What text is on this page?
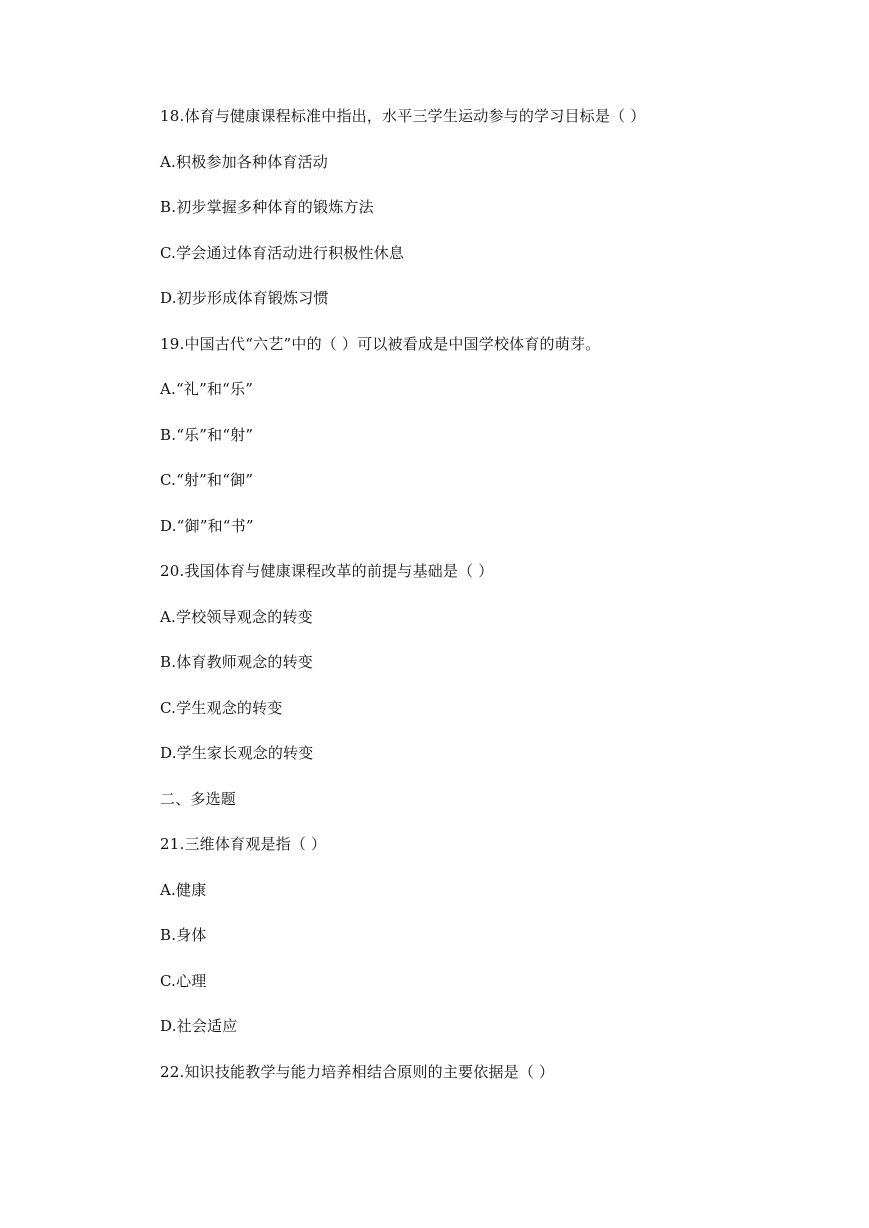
18.体育与健康课程标准中指出，水平三学生运动参与的学习目标是（ ）
A.积极参加各种体育活动
B.初步掌握多种体育的锻炼方法
C.学会通过体育活动进行积极性休息
D.初步形成体育锻炼习惯
19.中国古代“六艺”中的（ ）可以被看成是中国学校体育的萌芽。
A.“礼”和“乐”
B.“乐”和“射”
C.“射”和“御”
D.“御”和“书”
20.我国体育与健康课程改革的前提与基础是（ ）
A.学校领导观念的转变
B.体育教师观念的转变
C.学生观念的转变
D.学生家长观念的转变
二、多选题
21.三维体育观是指（ ）
A.健康
B.身体
C.心理
D.社会适应
22.知识技能教学与能力培养相结合原则的主要依据是（ ）
